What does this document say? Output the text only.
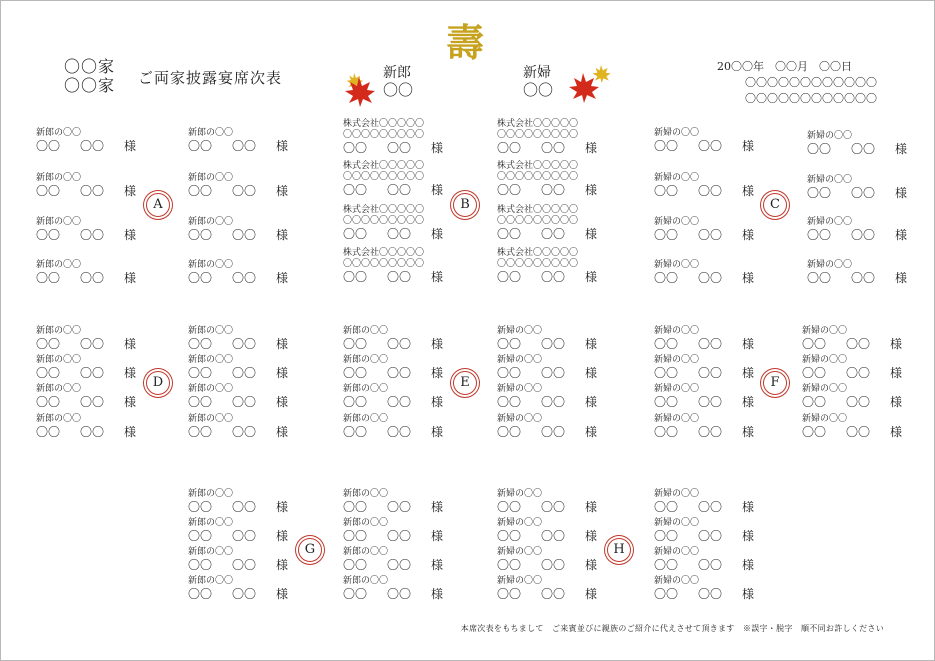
〇〇家
〇〇家 ご両家披露宴席次表
壽
新郎
〇〇
新婦
〇〇
20〇〇年　〇〇月　〇〇日
〇〇〇〇〇〇〇〇〇〇〇〇
〇〇〇〇〇〇〇〇〇〇〇〇
新郎の〇〇
〇〇 〇〇 様
新郎の〇〇
〇〇 〇〇 様
新郎の〇〇
〇〇 〇〇 様
新郎の〇〇
〇〇 〇〇 様
新郎の〇〇
〇〇 〇〇 様
新郎の〇〇
〇〇 〇〇 様
新郎の〇〇
〇〇 〇〇 様
新郎の〇〇
〇〇 〇〇 様
A
株式会社〇〇〇〇〇
〇〇〇〇〇〇〇〇〇
〇〇 〇〇 様
株式会社〇〇〇〇〇
〇〇〇〇〇〇〇〇〇
〇〇 〇〇 様
株式会社〇〇〇〇〇
〇〇〇〇〇〇〇〇〇
〇〇 〇〇 様
株式会社〇〇〇〇〇
〇〇〇〇〇〇〇〇〇
〇〇 〇〇 様
株式会社〇〇〇〇〇
〇〇〇〇〇〇〇〇〇
〇〇 〇〇 様
株式会社〇〇〇〇〇
〇〇〇〇〇〇〇〇〇
〇〇 〇〇 様
株式会社〇〇〇〇〇
〇〇〇〇〇〇〇〇〇
〇〇 〇〇 様
株式会社〇〇〇〇〇
〇〇〇〇〇〇〇〇〇
〇〇 〇〇 様
B
新婦の〇〇
〇〇 〇〇 様
新婦の〇〇
〇〇 〇〇 様
新婦の〇〇
〇〇 〇〇 様
新婦の〇〇
〇〇 〇〇 様
新婦の〇〇
〇〇 〇〇 様
新婦の〇〇
〇〇 〇〇 様
新婦の〇〇
〇〇 〇〇 様
新婦の〇〇
〇〇 〇〇 様
C
新郎の〇〇
〇〇 〇〇 様
新郎の〇〇
〇〇 〇〇 様
新郎の〇〇
〇〇 〇〇 様
新婦の〇〇
〇〇 〇〇 様
新婦の〇〇
〇〇 〇〇 様
新婦の〇〇
〇〇 〇〇 様
新郎の〇〇
〇〇 〇〇 様
新郎の〇〇
〇〇 〇〇 様
新郎の〇〇
〇〇 〇〇 様
新婦の〇〇
〇〇 〇〇 様
新婦の〇〇
〇〇 〇〇 様
新婦の〇〇
〇〇 〇〇 様
新郎の〇〇
〇〇 〇〇 様
新郎の〇〇
〇〇 〇〇 様
新郎の〇〇
〇〇 〇〇 様
新婦の〇〇
〇〇 〇〇 様
新婦の〇〇
〇〇 〇〇 様
新婦の〇〇
〇〇 〇〇 様
新郎の〇〇
〇〇 〇〇 様
新郎の〇〇
〇〇 〇〇 様
新郎の〇〇
〇〇 〇〇 様
新婦の〇〇
〇〇 〇〇 様
新婦の〇〇
〇〇 〇〇 様
新婦の〇〇
〇〇 〇〇 様
D	E	F
新郎の〇〇
〇〇 〇〇 様
新郎の〇〇
〇〇 〇〇 様
新婦の〇〇
〇〇 〇〇 様
新婦の〇〇
〇〇 〇〇 様
新郎の〇〇
〇〇 〇〇 様
新郎の〇〇
〇〇 〇〇 様
新婦の〇〇
〇〇 〇〇 様
新婦の〇〇
〇〇 〇〇 様
新郎の〇〇
〇〇 〇〇 様
新郎の〇〇
〇〇 〇〇 様
新婦の〇〇
〇〇 〇〇 様
新婦の〇〇
〇〇 〇〇 様
新郎の〇〇
〇〇 〇〇 様
新郎の〇〇
〇〇 〇〇 様
新婦の〇〇
〇〇 〇〇 様
新婦の〇〇
〇〇 〇〇 様
G	H
本席次表をもちまして　ご来賓並びに親族のご紹介に代えさせて頂きます　※誤字・脱字　順不同お許しください
